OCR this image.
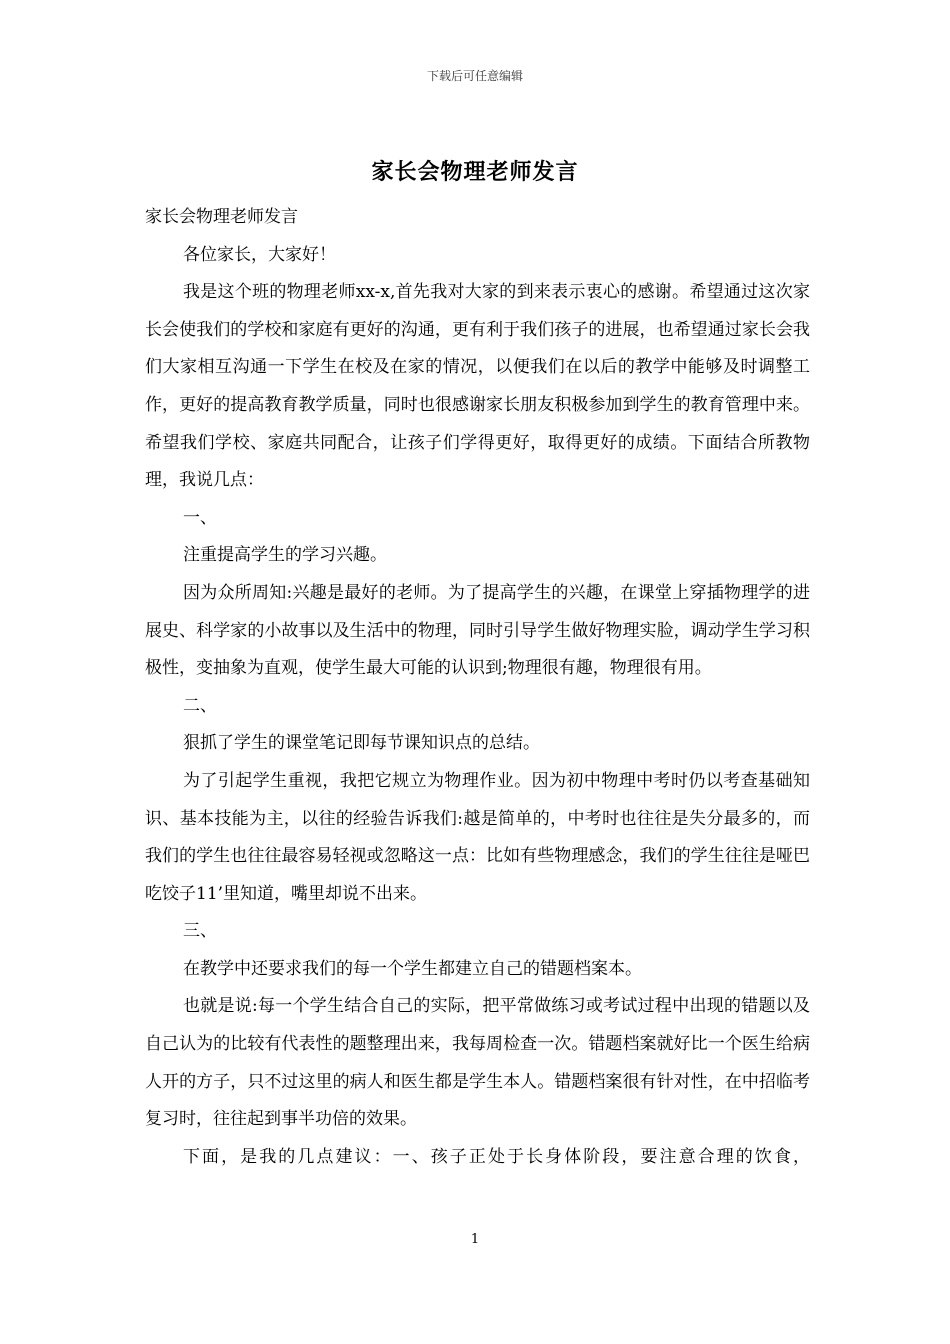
下载后可任意编辑
家长会物理老师发言

家长会物理老师发言

各位家长，大家好！

我是这个班的物理老师xx-x,首先我对大家的到来表示衷心的感谢。希望通过这次家长会使我们的学校和家庭有更好的沟通，更有利于我们孩子的进展，也希望通过家长会我们大家相互沟通一下学生在校及在家的情况，以便我们在以后的教学中能够及时调整工作，更好的提高教育教学质量，同时也很感谢家长朋友积极参加到学生的教育管理中来。希望我们学校、家庭共同配合，让孩子们学得更好，取得更好的成绩。下面结合所教物理，我说几点：

一、

注重提高学生的学习兴趣。

因为众所周知:兴趣是最好的老师。为了提高学生的兴趣，在课堂上穿插物理学的进展史、科学家的小故事以及生活中的物理，同时引导学生做好物理实脸，调动学生学习积极性，变抽象为直观，使学生最大可能的认识到;物理很有趣，物理很有用。

二、

狠抓了学生的课堂笔记即每节课知识点的总结。

为了引起学生重视，我把它规立为物理作业。因为初中物理中考时仍以考查基础知识、基本技能为主，以往的经验告诉我们:越是简单的，中考时也往往是失分最多的，而我们的学生也往往最容易轻视或忽略这一点：比如有些物理感念，我们的学生往往是哑巴吃饺子11’里知道，嘴里却说不出来。

三、

在教学中还要求我们的每一个学生都建立自己的错题档案本。

也就是说:每一个学生结合自己的实际，把平常做练习或考试过程中出现的错题以及自己认为的比较有代表性的题整理出来，我每周检查一次。错题档案就好比一个医生给病人开的方子，只不过这里的病人和医生都是学生本人。错题档案很有针对性，在中招临考复习时，往往起到事半功倍的效果。

下面，是我的几点建议：一、孩子正处于长身体阶段，要注意合理的饮食，

1
